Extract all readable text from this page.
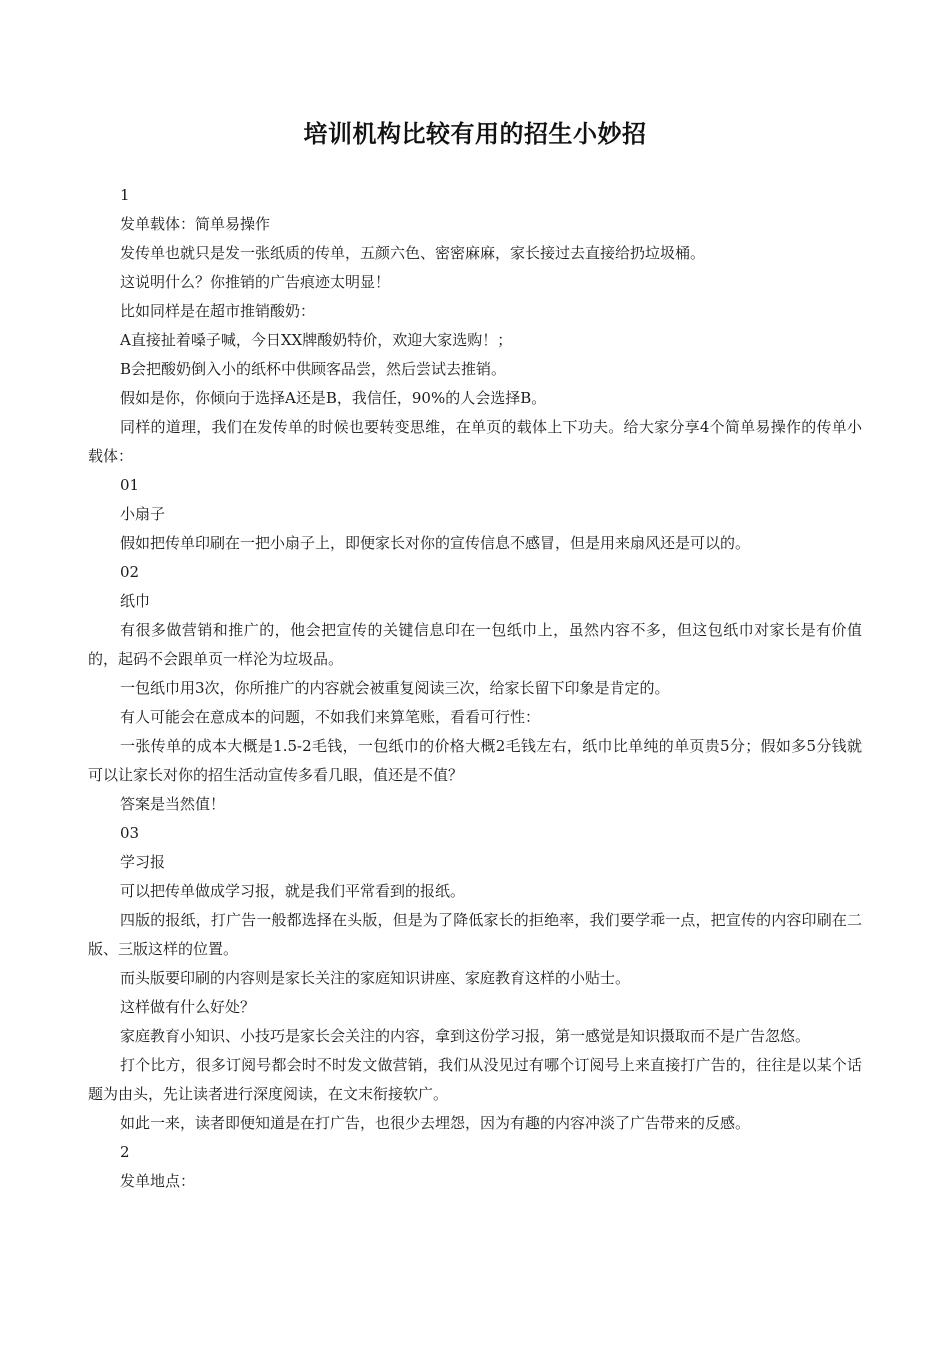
培训机构比较有用的招生小妙招

1

发单载体：简单易操作

发传单也就只是发一张纸质的传单，五颜六色、密密麻麻，家长接过去直接给扔垃圾桶。

这说明什么？你推销的广告痕迹太明显！

比如同样是在超市推销酸奶：

A直接扯着嗓子喊，今日XX牌酸奶特价，欢迎大家选购！；

B会把酸奶倒入小的纸杯中供顾客品尝，然后尝试去推销。

假如是你，你倾向于选择A还是B，我信任，90%的人会选择B。

同样的道理，我们在发传单的时候也要转变思维，在单页的载体上下功夫。给大家分享4个简单易操作的传单小载体：

01

小扇子

假如把传单印刷在一把小扇子上，即便家长对你的宣传信息不感冒，但是用来扇风还是可以的。

02

纸巾

有很多做营销和推广的，他会把宣传的关键信息印在一包纸巾上，虽然内容不多，但这包纸巾对家长是有价值的，起码不会跟单页一样沦为垃圾品。

一包纸巾用3次，你所推广的内容就会被重复阅读三次，给家长留下印象是肯定的。

有人可能会在意成本的问题，不如我们来算笔账，看看可行性：

一张传单的成本大概是1.5-2毛钱，一包纸巾的价格大概2毛钱左右，纸巾比单纯的单页贵5分；假如多5分钱就可以让家长对你的招生活动宣传多看几眼，值还是不值？

答案是当然值！

03

学习报

可以把传单做成学习报，就是我们平常看到的报纸。

四版的报纸，打广告一般都选择在头版，但是为了降低家长的拒绝率，我们要学乖一点，把宣传的内容印刷在二版、三版这样的位置。

而头版要印刷的内容则是家长关注的家庭知识讲座、家庭教育这样的小贴士。

这样做有什么好处？

家庭教育小知识、小技巧是家长会关注的内容，拿到这份学习报，第一感觉是知识摄取而不是广告忽悠。

打个比方，很多订阅号都会时不时发文做营销，我们从没见过有哪个订阅号上来直接打广告的，往往是以某个话题为由头，先让读者进行深度阅读，在文末衔接软广。

如此一来，读者即便知道是在打广告，也很少去埋怨，因为有趣的内容冲淡了广告带来的反感。

2

发单地点：
